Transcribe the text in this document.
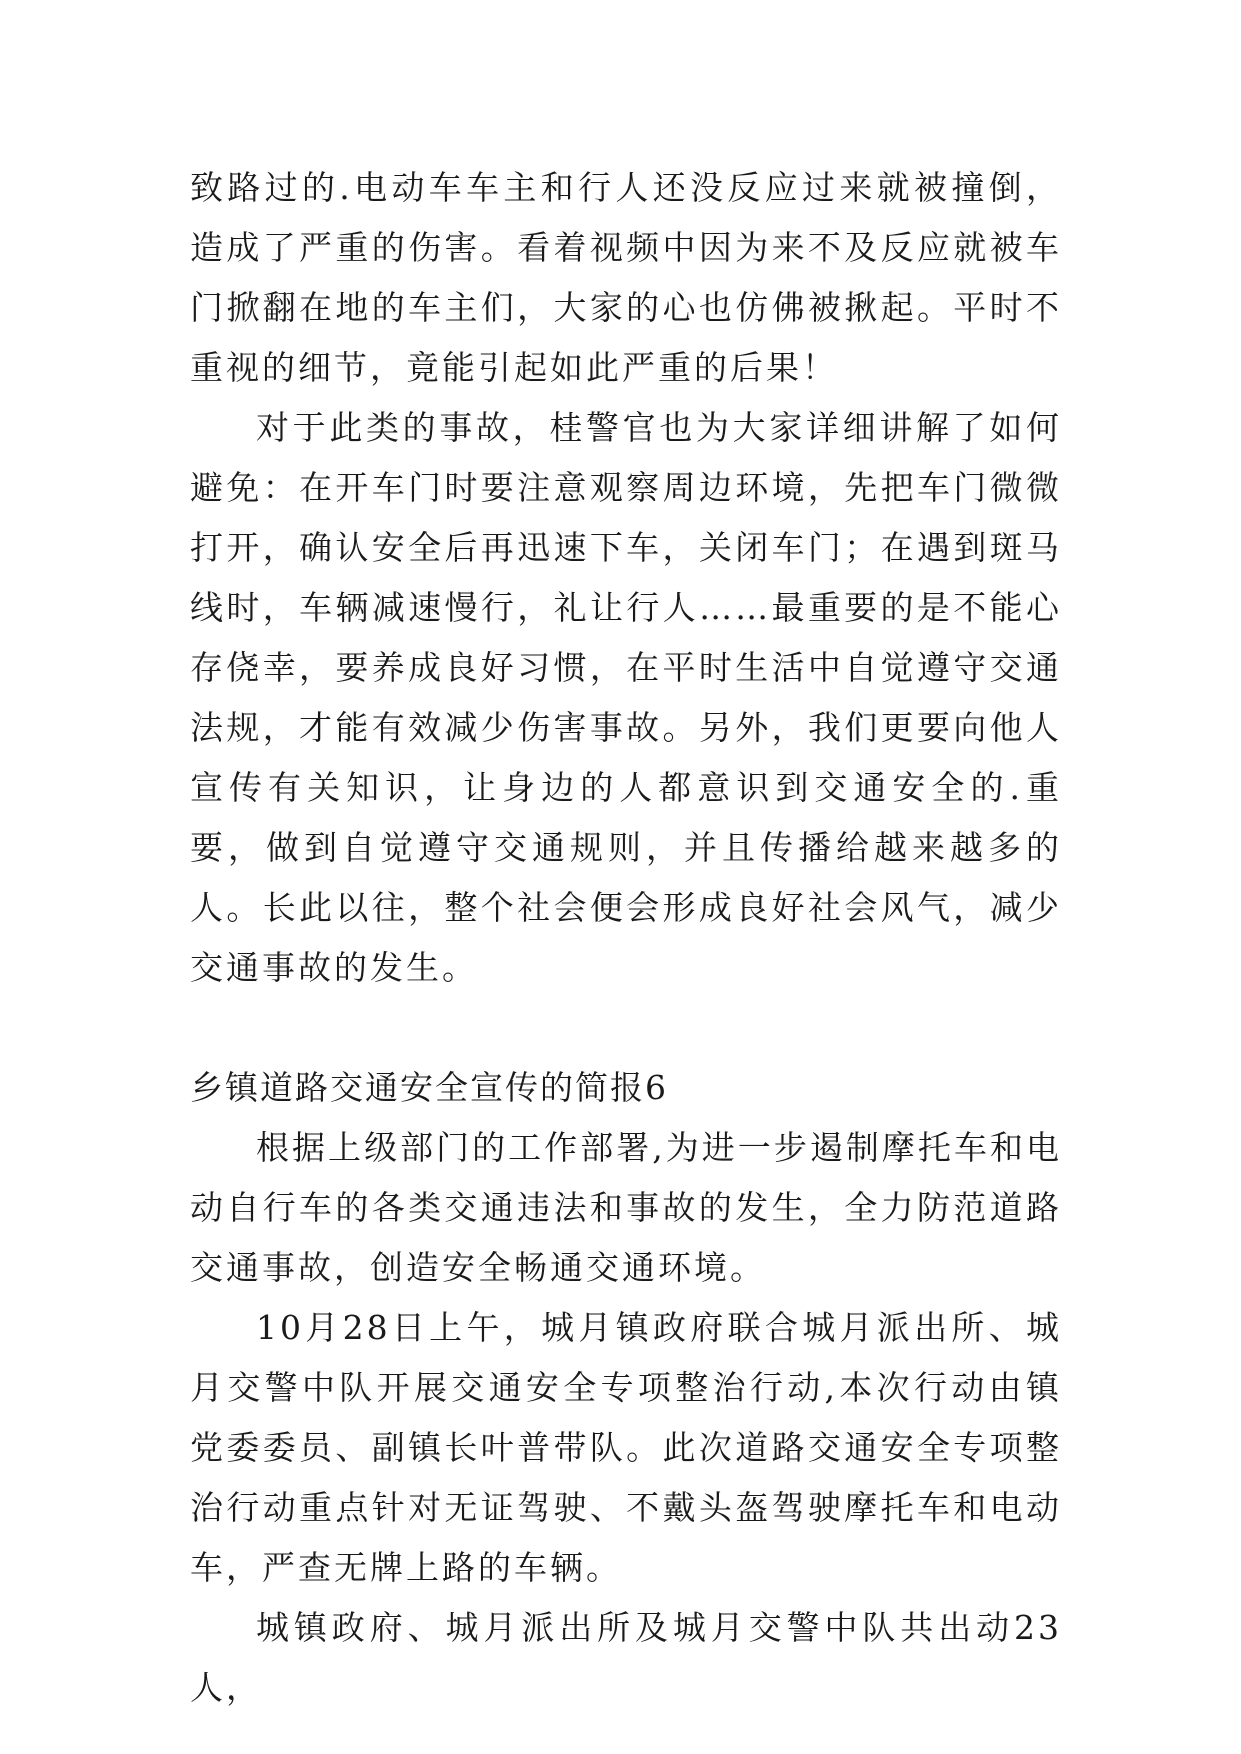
致路过的.电动车车主和行人还没反应过来就被撞倒，造成了严重的伤害。看着视频中因为来不及反应就被车门掀翻在地的车主们，大家的心也仿佛被揪起。平时不重视的细节，竟能引起如此严重的后果！

对于此类的事故，桂警官也为大家详细讲解了如何避免：在开车门时要注意观察周边环境，先把车门微微打开，确认安全后再迅速下车，关闭车门；在遇到斑马线时，车辆减速慢行，礼让行人……最重要的是不能心存侥幸，要养成良好习惯，在平时生活中自觉遵守交通法规，才能有效减少伤害事故。另外，我们更要向他人宣传有关知识，让身边的人都意识到交通安全的.重要，做到自觉遵守交通规则，并且传播给越来越多的人。长此以往，整个社会便会形成良好社会风气，减少交通事故的发生。

乡镇道路交通安全宣传的简报6

根据上级部门的工作部署,为进一步遏制摩托车和电动自行车的各类交通违法和事故的发生，全力防范道路交通事故，创造安全畅通交通环境。

10月28日上午，城月镇政府联合城月派出所、城月交警中队开展交通安全专项整治行动,本次行动由镇党委委员、副镇长叶普带队。此次道路交通安全专项整治行动重点针对无证驾驶、不戴头盔驾驶摩托车和电动车，严查无牌上路的车辆。

城镇政府、城月派出所及城月交警中队共出动23人，
